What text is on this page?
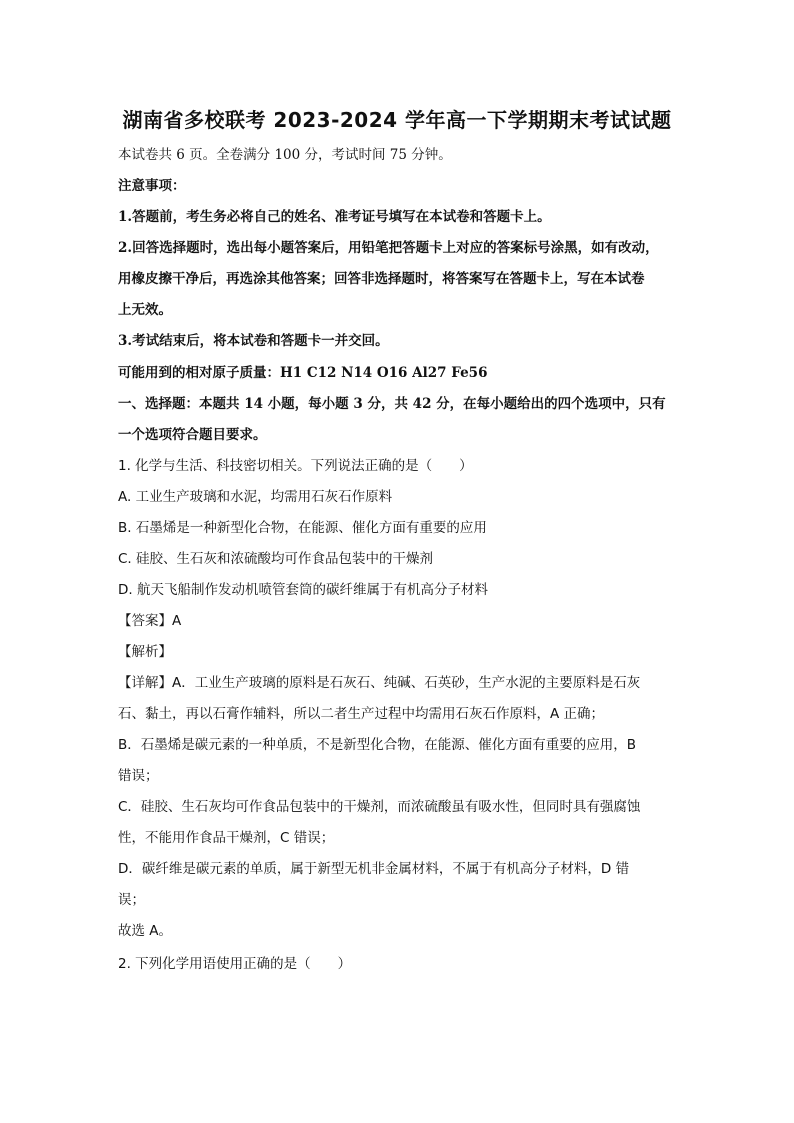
湖南省多校联考 2023-2024 学年高一下学期期末考试试题
本试卷共 6 页。全卷满分 100 分，考试时间 75 分钟。
注意事项：
1.答题前，考生务必将自己的姓名、准考证号填写在本试卷和答题卡上。
2.回答选择题时，选出每小题答案后，用铅笔把答题卡上对应的答案标号涂黑，如有改动，
用橡皮擦干净后，再选涂其他答案；回答非选择题时，将答案写在答题卡上，写在本试卷
上无效。
3.考试结束后，将本试卷和答题卡一并交回。
可能用到的相对原子质量：H1 C12 N14 O16 Al27 Fe56
一、选择题：本题共 14 小题，每小题 3 分，共 42 分，在每小题给出的四个选项中，只有
一个选项符合题目要求。
1. 化学与生活、科技密切相关。下列说法正确的是（　　）
A. 工业生产玻璃和水泥，均需用石灰石作原料
B. 石墨烯是一种新型化合物，在能源、催化方面有重要的应用
C. 硅胶、生石灰和浓硫酸均可作食品包装中的干燥剂
D. 航天飞船制作发动机喷管套筒的碳纤维属于有机高分子材料
【答案】A
【解析】
【详解】A．工业生产玻璃的原料是石灰石、纯碱、石英砂，生产水泥的主要原料是石灰
石、黏土，再以石膏作辅料，所以二者生产过程中均需用石灰石作原料，A 正确；
B．石墨烯是碳元素的一种单质，不是新型化合物，在能源、催化方面有重要的应用，B
错误；
C．硅胶、生石灰均可作食品包装中的干燥剂，而浓硫酸虽有吸水性，但同时具有强腐蚀
性，不能用作食品干燥剂，C 错误；
D．碳纤维是碳元素的单质，属于新型无机非金属材料，不属于有机高分子材料，D 错
误；
故选 A。
2. 下列化学用语使用正确的是（　　）
